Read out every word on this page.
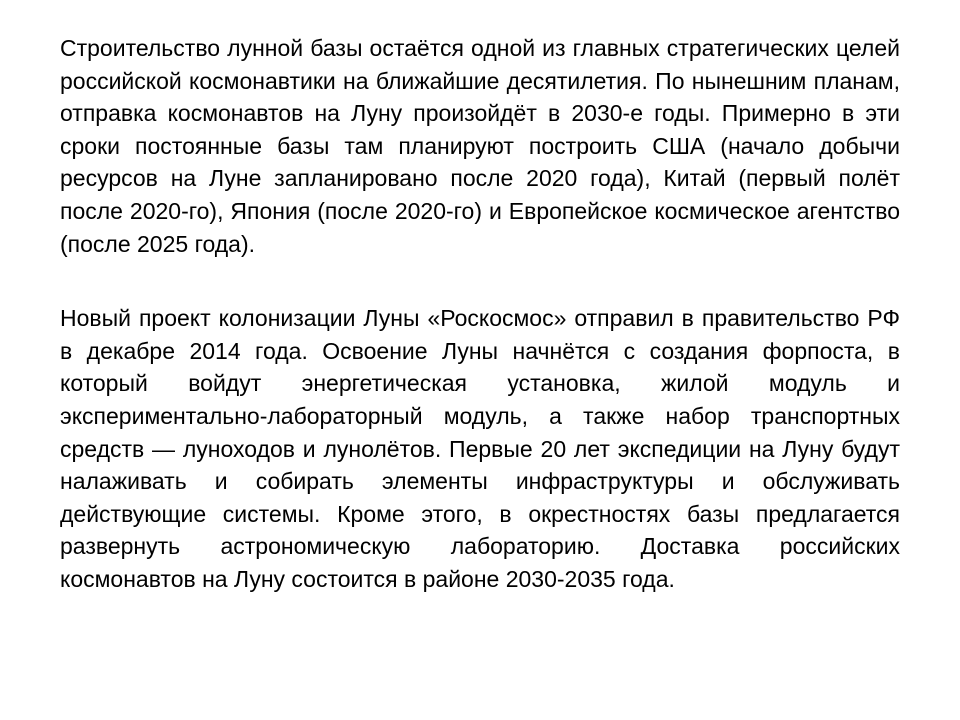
Строительство лунной базы остаётся одной из главных стратегических целей российской космонавтики на ближайшие десятилетия. По нынешним планам, отправка космонавтов на Луну произойдёт в 2030-е годы. Примерно в эти сроки постоянные базы там планируют построить США (начало добычи ресурсов на Луне запланировано после 2020 года), Китай (первый полёт после 2020-го), Япония (после 2020-го) и Европейское космическое агентство (после 2025 года).

Новый проект колонизации Луны «Роскосмос» отправил в правительство РФ в декабре 2014 года. Освоение Луны начнётся с создания форпоста, в который войдут энергетическая установка, жилой модуль и экспериментально-лабораторный модуль, а также набор транспортных средств — луноходов и лунолётов. Первые 20 лет экспедиции на Луну будут налаживать и собирать элементы инфраструктуры и обслуживать действующие системы. Кроме этого, в окрестностях базы предлагается развернуть астрономическую лабораторию. Доставка российских космонавтов на Луну состоится в районе 2030-2035 года.
